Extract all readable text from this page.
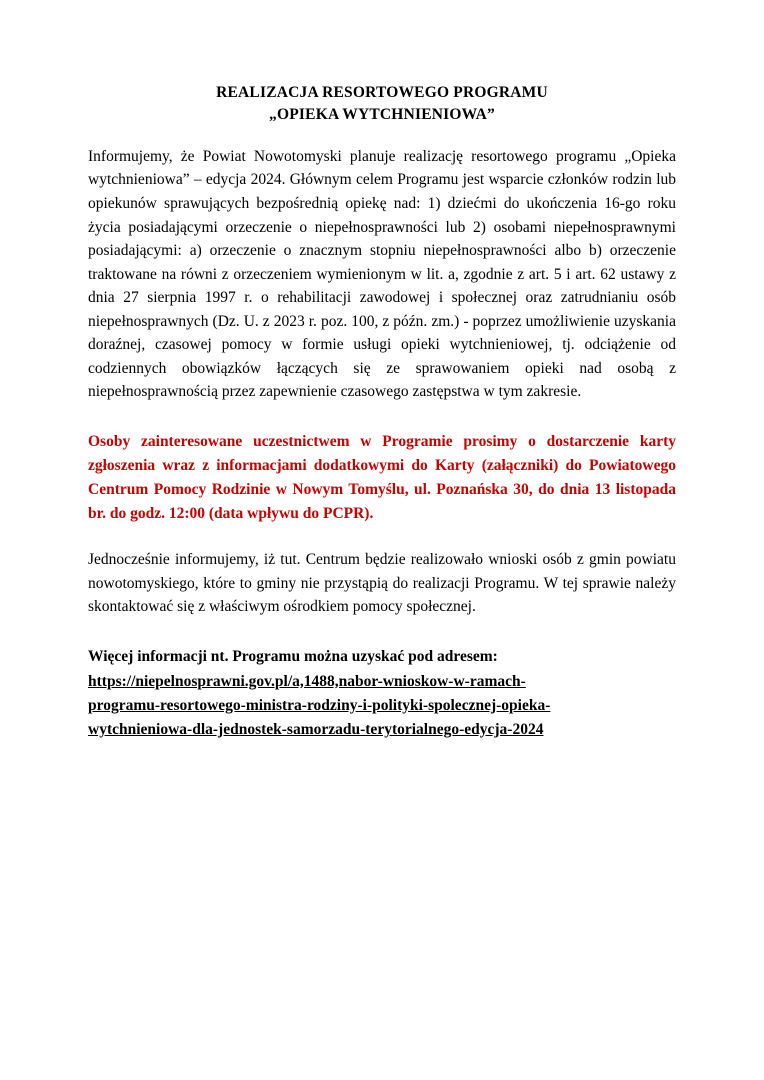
REALIZACJA RESORTOWEGO PROGRAMU
„OPIEKA WYTCHNIENIOWA”

Informujemy, że Powiat Nowotomyski planuje realizację resortowego programu „Opieka wytchnieniowa” – edycja 2024. Głównym celem Programu jest wsparcie członków rodzin lub opiekunów sprawujących bezpośrednią opiekę nad: 1) dziećmi do ukończenia 16-go roku życia posiadającymi orzeczenie o niepełnosprawności lub 2) osobami niepełnosprawnymi posiadającymi: a) orzeczenie o znacznym stopniu niepełnosprawności albo b) orzeczenie traktowane na równi z orzeczeniem wymienionym w lit. a, zgodnie z art. 5 i art. 62 ustawy z dnia 27 sierpnia 1997 r. o rehabilitacji zawodowej i społecznej oraz zatrudnianiu osób niepełnosprawnych (Dz. U. z 2023 r. poz. 100, z późn. zm.) - poprzez umożliwienie uzyskania doraźnej, czasowej pomocy w formie usługi opieki wytchnieniowej, tj. odciążenie od codziennych obowiązków łączących się ze sprawowaniem opieki nad osobą z niepełnosprawnością przez zapewnienie czasowego zastępstwa w tym zakresie.

Osoby zainteresowane uczestnictwem w Programie prosimy o dostarczenie karty zgłoszenia wraz z informacjami dodatkowymi do Karty (załączniki) do Powiatowego Centrum Pomocy Rodzinie w Nowym Tomyślu, ul. Poznańska 30, do dnia 13 listopada br. do godz. 12:00 (data wpływu do PCPR).

Jednocześnie informujemy, iż tut. Centrum będzie realizowało wnioski osób z gmin powiatu nowotomyskiego, które to gminy nie przystąpią do realizacji Programu. W tej sprawie należy skontaktować się z właściwym ośrodkiem pomocy społecznej.

Więcej informacji nt. Programu można uzyskać pod adresem:
https://niepelnosprawni.gov.pl/a,1488,nabor-wnioskow-w-ramach-
programu-resortowego-ministra-rodziny-i-polityki-spolecznej-opieka-
wytchnieniowa-dla-jednostek-samorzadu-terytorialnego-edycja-2024
